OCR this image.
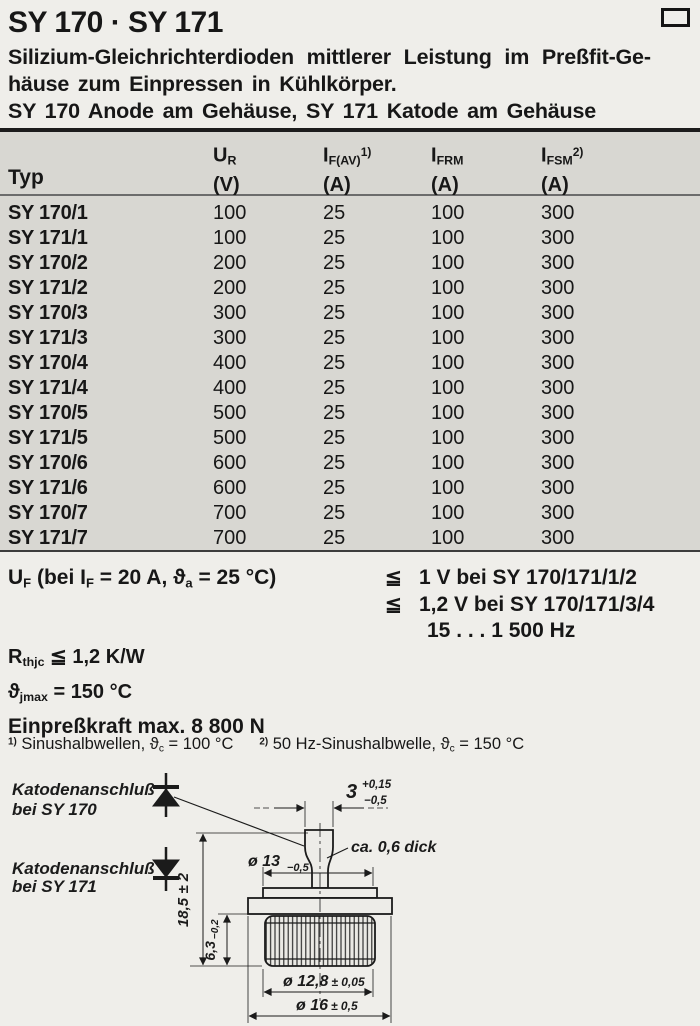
SY 170 · SY 171
Silizium-Gleichrichterdioden mittlerer Leistung im Preßfit-Ge-
häuse zum Einpressen in Kühlkörper.
SY 170 Anode am Gehäuse, SY 171 Katode am Gehäuse
Typ
$U_R$
(V)
$I_{F(AV)}^{1)}$
(A)
$I_{FRM}$
(A)
$I_{FSM}^{2)}$
(A)
SY 170/1	100	25	100	300
SY 171/1	100	25	100	300
SY 170/2	200	25	100	300
SY 171/2	200	25	100	300
SY 170/3	300	25	100	300
SY 171/3	300	25	100	300
SY 170/4	400	25	100	300
SY 171/4	400	25	100	300
SY 170/5	500	25	100	300
SY 171/5	500	25	100	300
SY 170/6	600	25	100	300
SY 171/6	600	25	100	300
SY 170/7	700	25	100	300
SY 171/7	700	25	100	300
$U_F$ (bei $I_F = 20$ A, $ϑ_a = 25$ °C)	≦ 1 V bei SY 170/171/1/2
≦ 1,2 V bei SY 170/171/3/4
15 . . . 1 500 Hz
$R_{thjc}$ ≦ 1,2 K/W
$ϑ_{jmax} = 150$ °C
Einpreßkraft max. 8 800 N
$^{1)}$ Sinushalbwellen, $ϑ_c = 100$ °C	$^{2)}$ 50 Hz-Sinushalbwelle, $ϑ_c = 150$ °C
Katodenanschluß
bei SY 170
Katodenanschluß
bei SY 171
3 +0,15
−0,5
ca. 0,6 dick
ø 13 −0,5
18,5 ± 2
$6,3_{-0,2}$
ø 12,8 ± 0,05
ø 16 ± 0,5
